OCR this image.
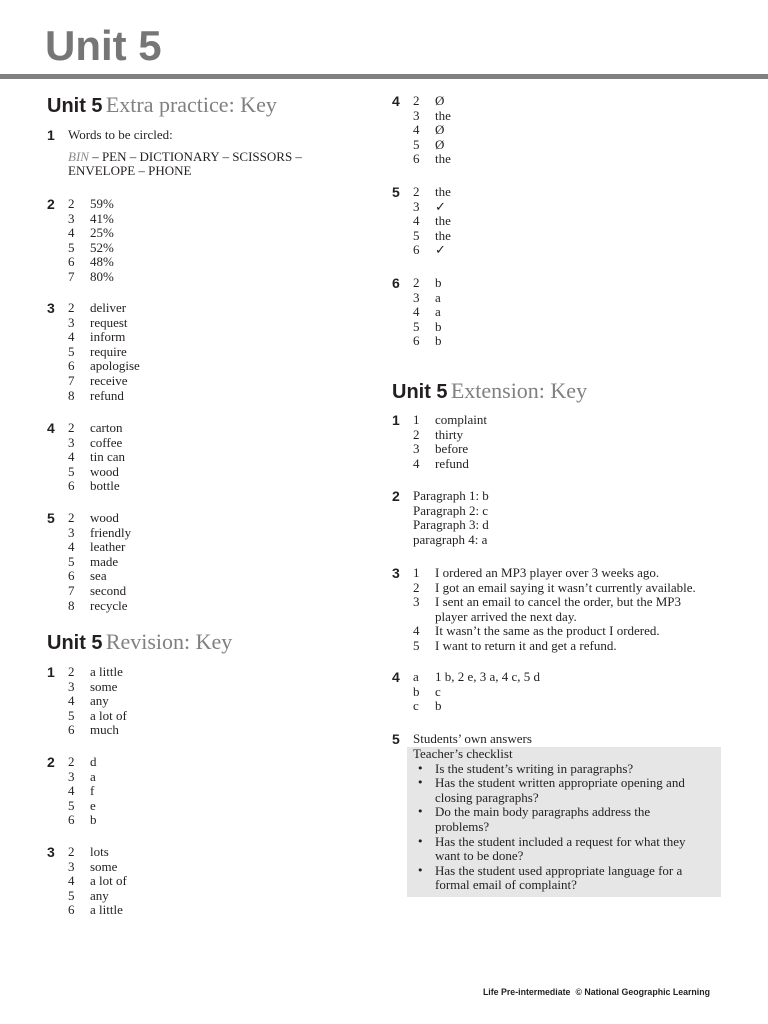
Unit 5
Unit 5 Extra practice: Key
1	Words to be circled:
BIN – PEN – DICTIONARY – SCISSORS – ENVELOPE – PHONE
2 2 59%
3 41%
4 25%
5 52%
6 48%
7 80%
3 2 deliver
3 request
4 inform
5 require
6 apologise
7 receive
8 refund
4 2 carton
3 coffee
4 tin can
5 wood
6 bottle
5 2 wood
3 friendly
4 leather
5 made
6 sea
7 second
8 recycle
Unit 5 Revision: Key
1 2 a little
3 some
4 any
5 a lot of
6 much
2 2 d
3 a
4 f
5 e
6 b
3 2 lots
3 some
4 a lot of
5 any
6 a little
4 2 Ø
3 the
4 Ø
5 Ø
6 the
5 2 the
3 ✓
4 the
5 the
6 ✓
6 2 b
3 a
4 a
5 b
6 b
Unit 5 Extension: Key
1 1 complaint
2 thirty
3 before
4 refund
2	Paragraph 1: b
Paragraph 2: c
Paragraph 3: d
paragraph 4: a
3 1 I ordered an MP3 player over 3 weeks ago.
2 I got an email saying it wasn’t currently available.
3 I sent an email to cancel the order, but the MP3 player arrived the next day.
4 It wasn’t the same as the product I ordered.
5 I want to return it and get a refund.
4 a 1 b, 2 e, 3 a, 4 c, 5 d
b c
c b
5	Students’ own answers
Teacher’s checklist
• Is the student’s writing in paragraphs?
• Has the student written appropriate opening and closing paragraphs?
• Do the main body paragraphs address the problems?
• Has the student included a request for what they want to be done?
• Has the student used appropriate language for a formal email of complaint?
Life Pre-intermediate © National Geographic Learning
